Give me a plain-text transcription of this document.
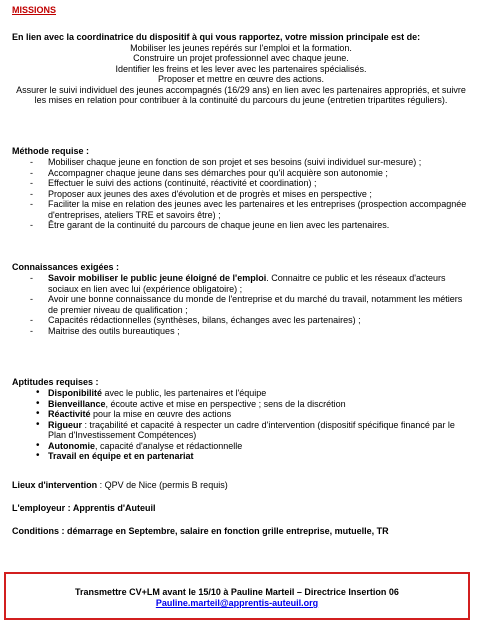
MISSIONS

En lien avec la coordinatrice du dispositif à qui vous rapportez, votre mission principale est de:

Mobiliser les jeunes repérés sur l'emploi et la formation.

Construire un projet professionnel avec chaque jeune.

Identifier les freins et les lever avec les partenaires spécialisés.

Proposer et mettre en œuvre des actions.

Assurer le suivi individuel des jeunes accompagnés (16/29 ans) en lien avec les partenaires appropriés, et suivre les mises en relation pour contribuer à la continuité du parcours du jeune (entretien tripartites réguliers).

Méthode requise :
- Mobiliser chaque jeune en fonction de son projet et ses besoins (suivi individuel sur-mesure) ;
- Accompagner chaque jeune dans ses démarches pour qu'il acquière son autonomie ;
- Effectuer le suivi des actions (continuité, réactivité et coordination) ;
- Proposer aux jeunes des axes d'évolution et de progrès et mises en perspective ;
- Faciliter la mise en relation des jeunes avec les partenaires et les entreprises (prospection accompagnée d'entreprises, ateliers TRE et savoirs être) ;
- Être garant de la continuité du parcours de chaque jeune en lien avec les partenaires.
Connaissances exigées :
- Savoir mobiliser le public jeune éloigné de l'emploi. Connaitre ce public et les réseaux d'acteurs sociaux en lien avec lui (expérience obligatoire) ;
- Avoir une bonne connaissance du monde de l'entreprise et du marché du travail, notamment les métiers de premier niveau de qualification ;
- Capacités rédactionnelles (synthèses, bilans, échanges avec les partenaires) ;
- Maitrise des outils bureautiques ;
Aptitudes requises :
• Disponibilité avec le public, les partenaires et l'équipe
• Bienveillance, écoute active et mise en perspective ; sens de la discrétion
• Réactivité pour la mise en œuvre des actions
• Rigueur : traçabilité et capacité à respecter un cadre d'intervention (dispositif spécifique financé par le Plan d'Investissement Compétences)
• Autonomie, capacité d'analyse et rédactionnelle
• Travail en équipe et en partenariat
Lieux d'intervention : QPV de Nice (permis B requis)
L'employeur : Apprentis d'Auteuil
Conditions : démarrage en Septembre, salaire en fonction grille entreprise, mutuelle, TR
Transmettre CV+LM avant le 15/10 à Pauline Marteil – Directrice Insertion 06
Pauline.marteil@apprentis-auteuil.org
